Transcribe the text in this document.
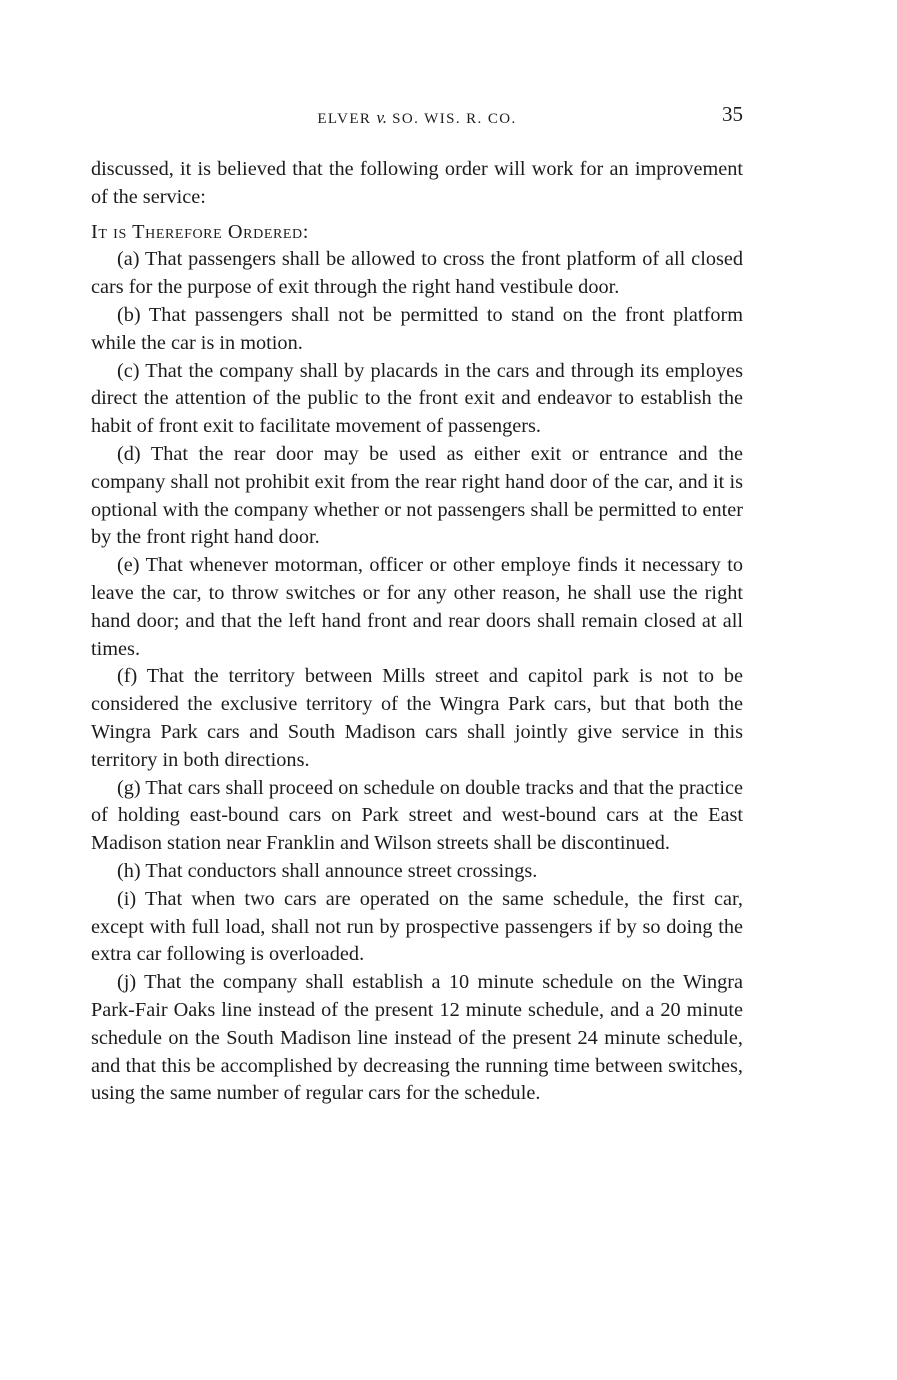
ELVER v. SO. WIS. R. CO.	35

discussed, it is believed that the following order will work for an improvement of the service:

It is Therefore Ordered:

(a) That passengers shall be allowed to cross the front platform of all closed cars for the purpose of exit through the right hand vestibule door.

(b) That passengers shall not be permitted to stand on the front platform while the car is in motion.

(c) That the company shall by placards in the cars and through its employes direct the attention of the public to the front exit and endeavor to establish the habit of front exit to facilitate movement of passengers.

(d) That the rear door may be used as either exit or entrance and the company shall not prohibit exit from the rear right hand door of the car, and it is optional with the company whether or not passengers shall be permitted to enter by the front right hand door.

(e) That whenever motorman, officer or other employe finds it necessary to leave the car, to throw switches or for any other reason, he shall use the right hand door; and that the left hand front and rear doors shall remain closed at all times.

(f) That the territory between Mills street and capitol park is not to be considered the exclusive territory of the Wingra Park cars, but that both the Wingra Park cars and South Madison cars shall jointly give service in this territory in both directions.

(g) That cars shall proceed on schedule on double tracks and that the practice of holding east-bound cars on Park street and west-bound cars at the East Madison station near Franklin and Wilson streets shall be discontinued.

(h) That conductors shall announce street crossings.

(i) That when two cars are operated on the same schedule, the first car, except with full load, shall not run by prospective passengers if by so doing the extra car following is overloaded.

(j) That the company shall establish a 10 minute schedule on the Wingra Park-Fair Oaks line instead of the present 12 minute schedule, and a 20 minute schedule on the South Madison line instead of the present 24 minute schedule, and that this be accomplished by decreasing the running time between switches, using the same number of regular cars for the schedule.
